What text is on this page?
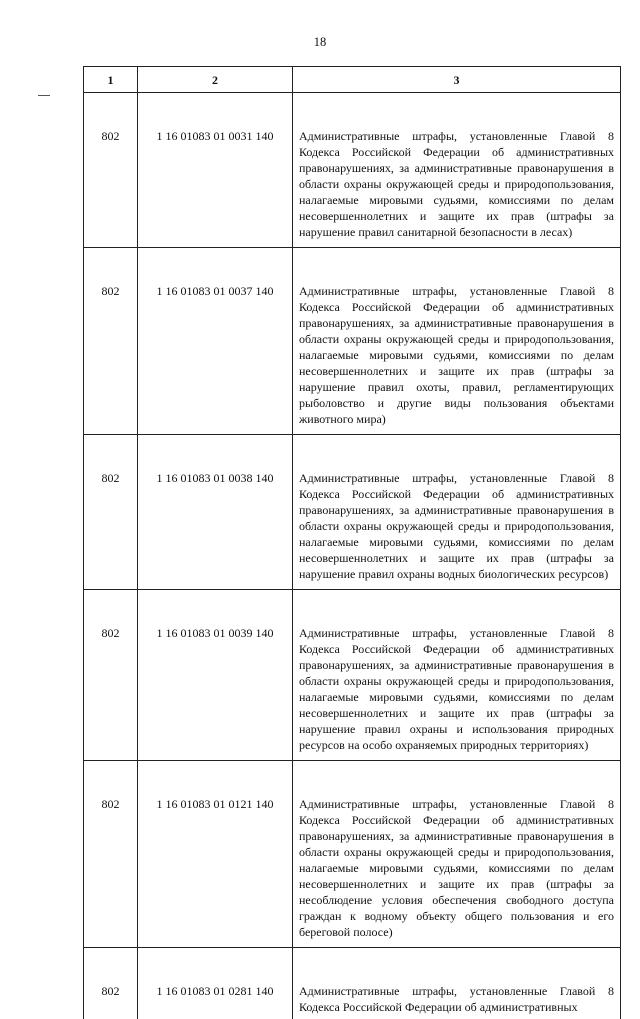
18
1	2	3
802	1 16 01083 01 0031 140	Административные штрафы, установленные Главой 8 Кодекса Российской Федерации об административных правонарушениях, за административные правонарушения в области охраны окружающей среды и природопользования, налагаемые мировыми судьями, комиссиями по делам несовершеннолетних и защите их прав (штрафы за нарушение правил санитарной безопасности в лесах)
802	1 16 01083 01 0037 140	Административные штрафы, установленные Главой 8 Кодекса Российской Федерации об административных правонарушениях, за административные правонарушения в области охраны окружающей среды и природопользования, налагаемые мировыми судьями, комиссиями по делам несовершеннолетних и защите их прав (штрафы за нарушение правил охоты, правил, регламентирующих рыболовство и другие виды пользования объектами животного мира)
802	1 16 01083 01 0038 140	Административные штрафы, установленные Главой 8 Кодекса Российской Федерации об административных правонарушениях, за административные правонарушения в области охраны окружающей среды и природопользования, налагаемые мировыми судьями, комиссиями по делам несовершеннолетних и защите их прав (штрафы за нарушение правил охраны водных биологических ресурсов)
802	1 16 01083 01 0039 140	Административные штрафы, установленные Главой 8 Кодекса Российской Федерации об административных правонарушениях, за административные правонарушения в области охраны окружающей среды и природопользования, налагаемые мировыми судьями, комиссиями по делам несовершеннолетних и защите их прав (штрафы за нарушение правил охраны и использования природных ресурсов на особо охраняемых природных территориях)
802	1 16 01083 01 0121 140	Административные штрафы, установленные Главой 8 Кодекса Российской Федерации об административных правонарушениях, за административные правонарушения в области охраны окружающей среды и природопользования, налагаемые мировыми судьями, комиссиями по делам несовершеннолетних и защите их прав (штрафы за несоблюдение условия обеспечения свободного доступа граждан к водному объекту общего пользования и его береговой полосе)
802	1 16 01083 01 0281 140	Административные штрафы, установленные Главой 8 Кодекса Российской Федерации об административных
